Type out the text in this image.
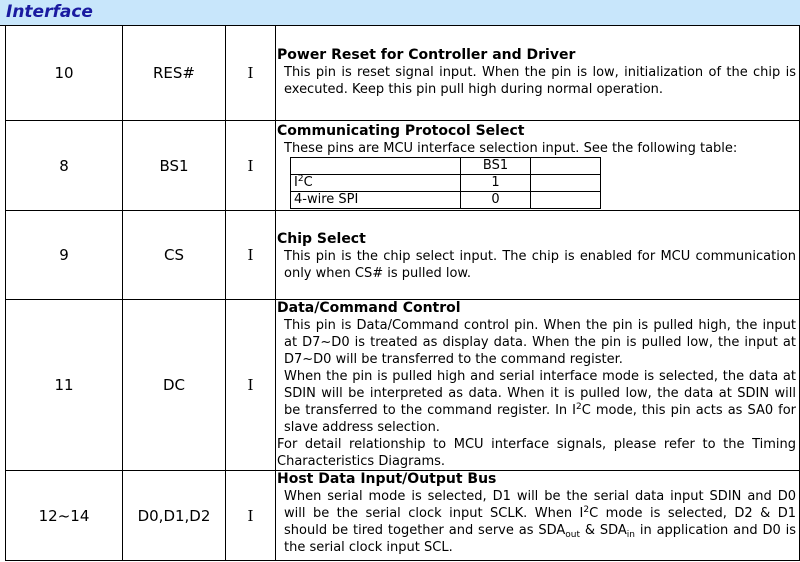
Interface
10	RES#	I	
Power Reset for Controller and Driver
This pin is reset signal input. When the pin is low, initialization of the chip is executed. Keep this pin pull high during normal operation.

8	BS1	I	
Communicating Protocol Select
These pins are MCU interface selection input. See the following table:
	BS1	
$I^2C$	1	
4-wire SPI	0	

9	CS	I	
Chip Select
This pin is the chip select input. The chip is enabled for MCU communication only when CS# is pulled low.

11	DC	I	
Data/Command Control
This pin is Data/Command control pin. When the pin is pulled high, the input at D7~D0 is treated as display data. When the pin is pulled low, the input at D7~D0 will be transferred to the command register.
When the pin is pulled high and serial interface mode is selected, the data at SDIN will be interpreted as data. When it is pulled low, the data at SDIN will be transferred to the command register. In $I^2C$ mode, this pin acts as SA0 for slave address selection.
For detail relationship to MCU interface signals, please refer to the Timing Characteristics Diagrams.

12~14	D0,D1,D2	I	
Host Data Input/Output Bus
When serial mode is selected, D1 will be the serial data input SDIN and D0 will be the serial clock input SCLK. When $I^2C$ mode is selected, D2 & D1 should be tired together and serve as $SDA_{out}$ & $SDA_{in}$ in application and D0 is the serial clock input SCL.
